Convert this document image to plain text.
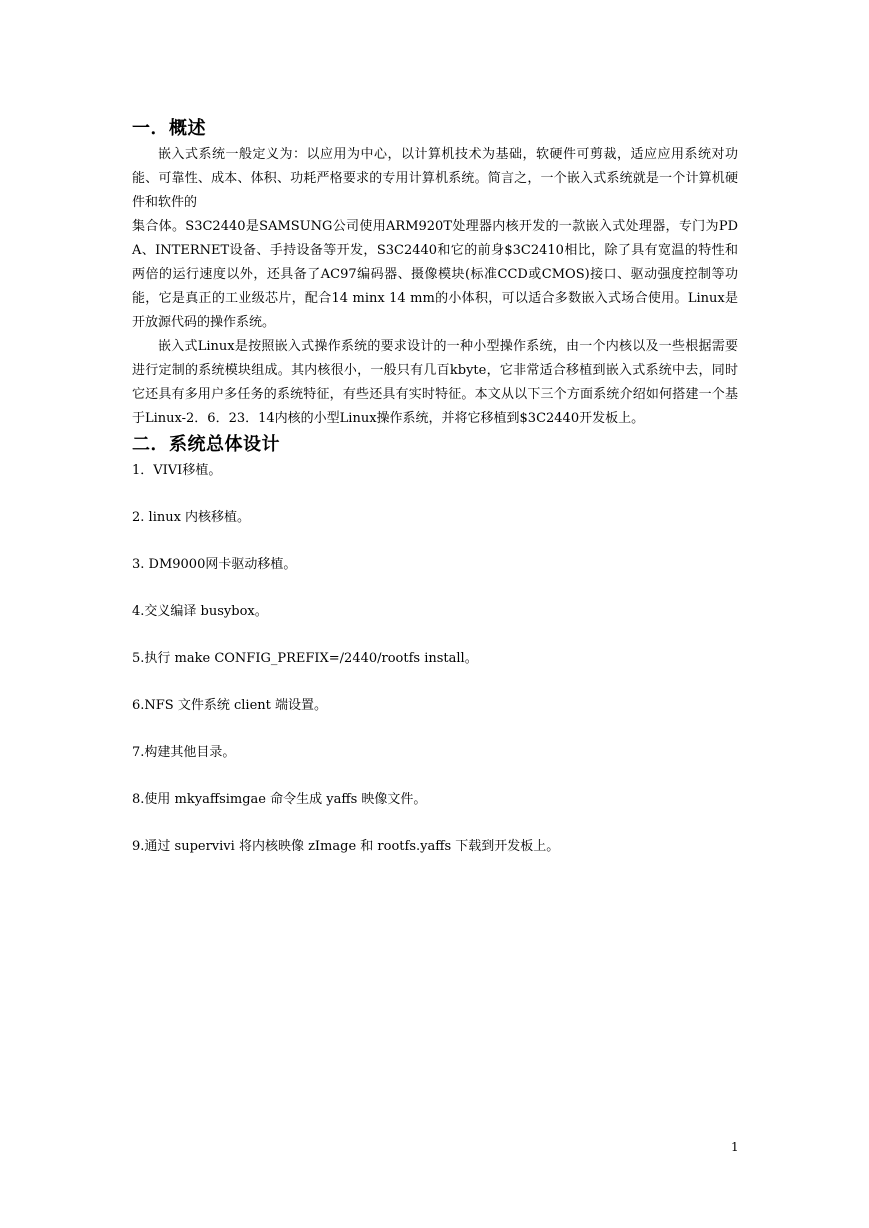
一．概述

嵌入式系统一般定义为：以应用为中心，以计算机技术为基础，软硬件可剪裁，适应应用系统对功能、可靠性、成本、体积、功耗严格要求的专用计算机系统。简言之，一个嵌入式系统就是一个计算机硬件和软件的

集合体。S3C2440是SAMSUNG公司使用ARM920T处理器内核开发的一款嵌入式处理器，专门为PDA、INTERNET设备、手持设备等开发，S3C2440和它的前身$3C2410相比，除了具有宽温的特性和两倍的运行速度以外，还具备了AC97编码器、摄像模块(标准CCD或CMOS)接口、驱动强度控制等功能，它是真正的工业级芯片，配合14 minx 14 mm的小体积，可以适合多数嵌入式场合使用。Linux是开放源代码的操作系统。

嵌入式Linux是按照嵌入式操作系统的要求设计的一种小型操作系统，由一个内核以及一些根据需要进行定制的系统模块组成。其内核很小，一般只有几百kbyte，它非常适合移植到嵌入式系统中去，同时它还具有多用户多任务的系统特征，有些还具有实时特征。本文从以下三个方面系统介绍如何搭建一个基于Linux-2．6．23．14内核的小型Linux操作系统，并将它移植到$3C2440开发板上。

二．系统总体设计
1．VIVI移植。
2. linux 内核移植。
3. DM9000网卡驱动移植。
4.交义编译 busybox。
5.执行 make CONFIG_PREFIX=/2440/rootfs install。
6.NFS 文件系统 client 端设置。
7.构建其他目录。
8.使用 mkyaffsimgae 命令生成 yaffs 映像文件。
9.通过 supervivi 将内核映像 zImage 和 rootfs.yaffs 下载到开发板上。
1
